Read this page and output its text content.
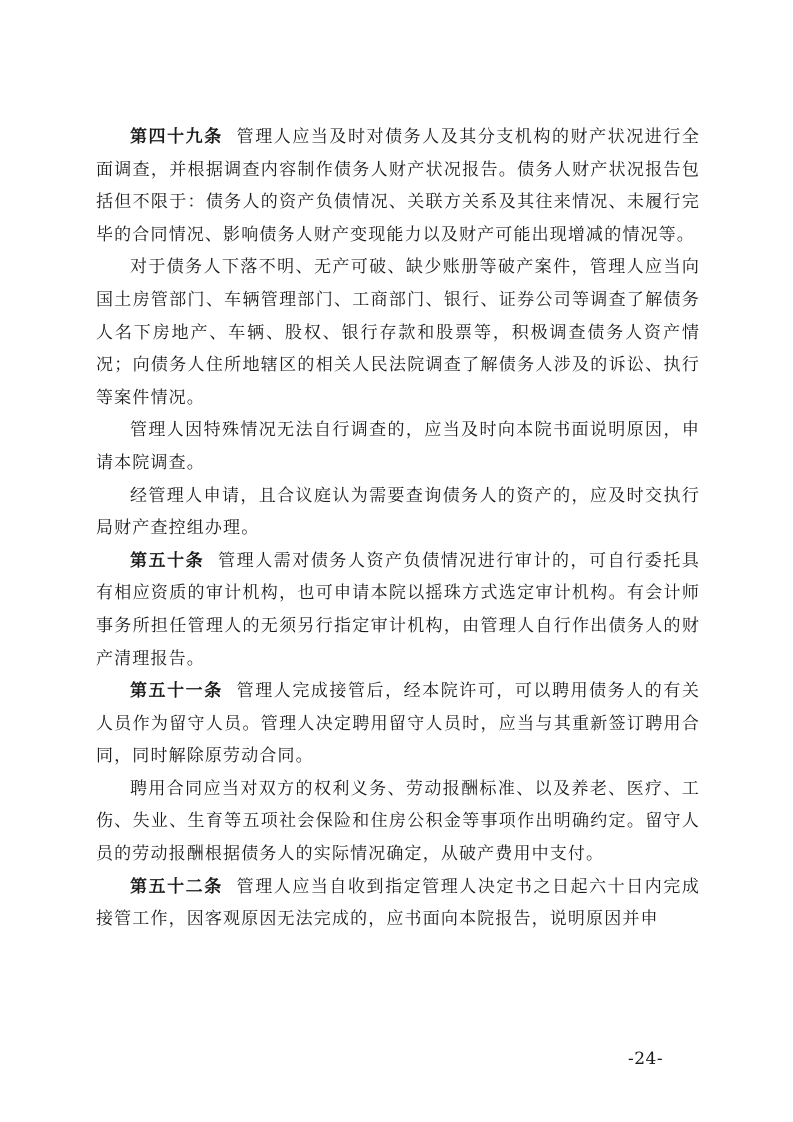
第四十九条 管理人应当及时对债务人及其分支机构的财产状况进行全面调查，并根据调查内容制作债务人财产状况报告。债务人财产状况报告包括但不限于：债务人的资产负债情况、关联方关系及其往来情况、未履行完毕的合同情况、影响债务人财产变现能力以及财产可能出现增减的情况等。

对于债务人下落不明、无产可破、缺少账册等破产案件，管理人应当向国土房管部门、车辆管理部门、工商部门、银行、证券公司等调查了解债务人名下房地产、车辆、股权、银行存款和股票等，积极调查债务人资产情况；向债务人住所地辖区的相关人民法院调查了解债务人涉及的诉讼、执行等案件情况。

管理人因特殊情况无法自行调查的，应当及时向本院书面说明原因，申请本院调查。

经管理人申请，且合议庭认为需要查询债务人的资产的，应及时交执行局财产查控组办理。

第五十条 管理人需对债务人资产负债情况进行审计的，可自行委托具有相应资质的审计机构，也可申请本院以摇珠方式选定审计机构。有会计师事务所担任管理人的无须另行指定审计机构，由管理人自行作出债务人的财产清理报告。

第五十一条 管理人完成接管后，经本院许可，可以聘用债务人的有关人员作为留守人员。管理人决定聘用留守人员时，应当与其重新签订聘用合同，同时解除原劳动合同。

聘用合同应当对双方的权利义务、劳动报酬标准、以及养老、医疗、工伤、失业、生育等五项社会保险和住房公积金等事项作出明确约定。留守人员的劳动报酬根据债务人的实际情况确定，从破产费用中支付。

第五十二条 管理人应当自收到指定管理人决定书之日起六十日内完成接管工作，因客观原因无法完成的，应书面向本院报告，说明原因并申

-24-
